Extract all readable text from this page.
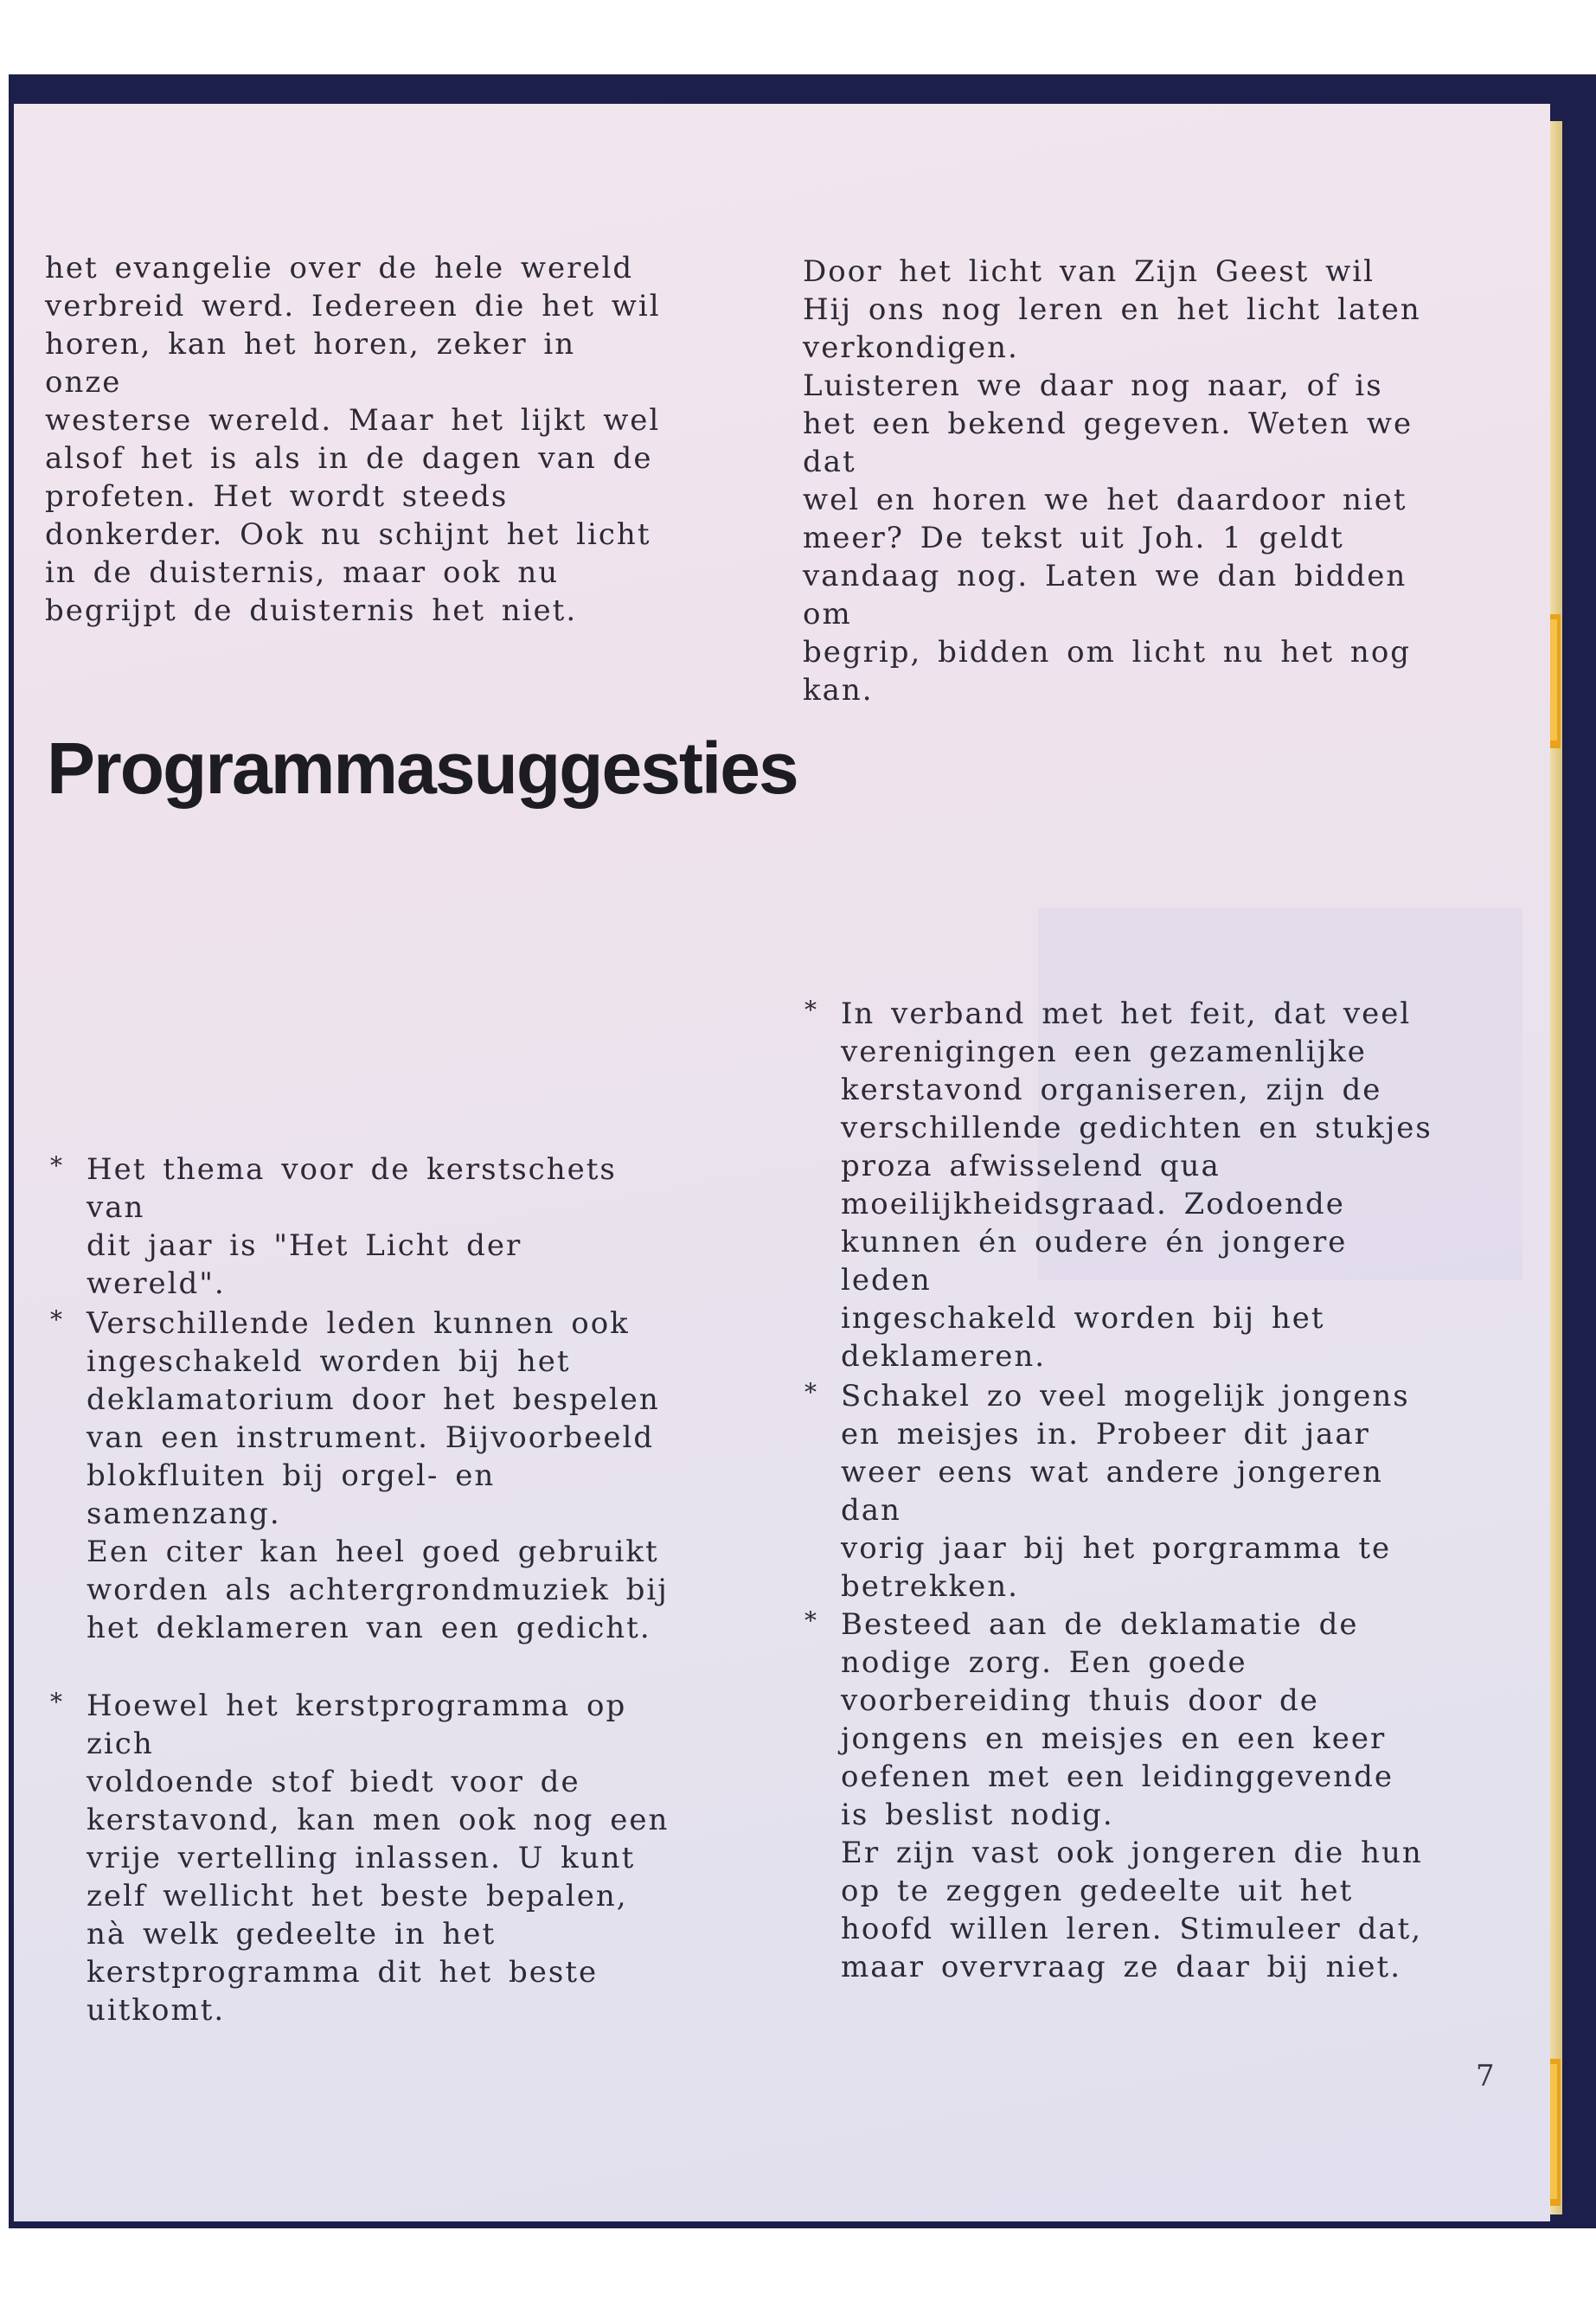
het evangelie over de hele wereld

verbreid werd. Iedereen die het wil

horen, kan het horen, zeker in onze

westerse wereld. Maar het lijkt wel

alsof het is als in de dagen van de

profeten. Het wordt steeds

donkerder. Ook nu schijnt het licht

in de duisternis, maar ook nu

begrijpt de duisternis het niet.

Door het licht van Zijn Geest wil

Hij ons nog leren en het licht laten

verkondigen.

Luisteren we daar nog naar, of is

het een bekend gegeven. Weten we dat

wel en horen we het daardoor niet

meer? De tekst uit Joh. 1 geldt

vandaag nog. Laten we dan bidden om

begrip, bidden om licht nu het nog

kan.

Programmasuggesties
* Het thema voor de kerstschets van

dit jaar is "Het Licht der

wereld".

* Verschillende leden kunnen ook

ingeschakeld worden bij het

deklamatorium door het bespelen

van een instrument. Bijvoorbeeld

blokfluiten bij orgel- en

samenzang.

Een citer kan heel goed gebruikt

worden als achtergrondmuziek bij

het deklameren van een gedicht.

* Hoewel het kerstprogramma op zich

voldoende stof biedt voor de

kerstavond, kan men ook nog een

vrije vertelling inlassen. U kunt

zelf wellicht het beste bepalen,

nà welk gedeelte in het

kerstprogramma dit het beste

uitkomt.

* In verband met het feit, dat veel

verenigingen een gezamenlijke

kerstavond organiseren, zijn de

verschillende gedichten en stukjes

proza afwisselend qua

moeilijkheidsgraad. Zodoende

kunnen én oudere én jongere leden

ingeschakeld worden bij het

deklameren.

* Schakel zo veel mogelijk jongens

en meisjes in. Probeer dit jaar

weer eens wat andere jongeren dan

vorig jaar bij het porgramma te

betrekken.

* Besteed aan de deklamatie de

nodige zorg. Een goede

voorbereiding thuis door de

jongens en meisjes en een keer

oefenen met een leidinggevende

is beslist nodig.

Er zijn vast ook jongeren die hun

op te zeggen gedeelte uit het

hoofd willen leren. Stimuleer dat,

maar overvraag ze daar bij niet.

7
